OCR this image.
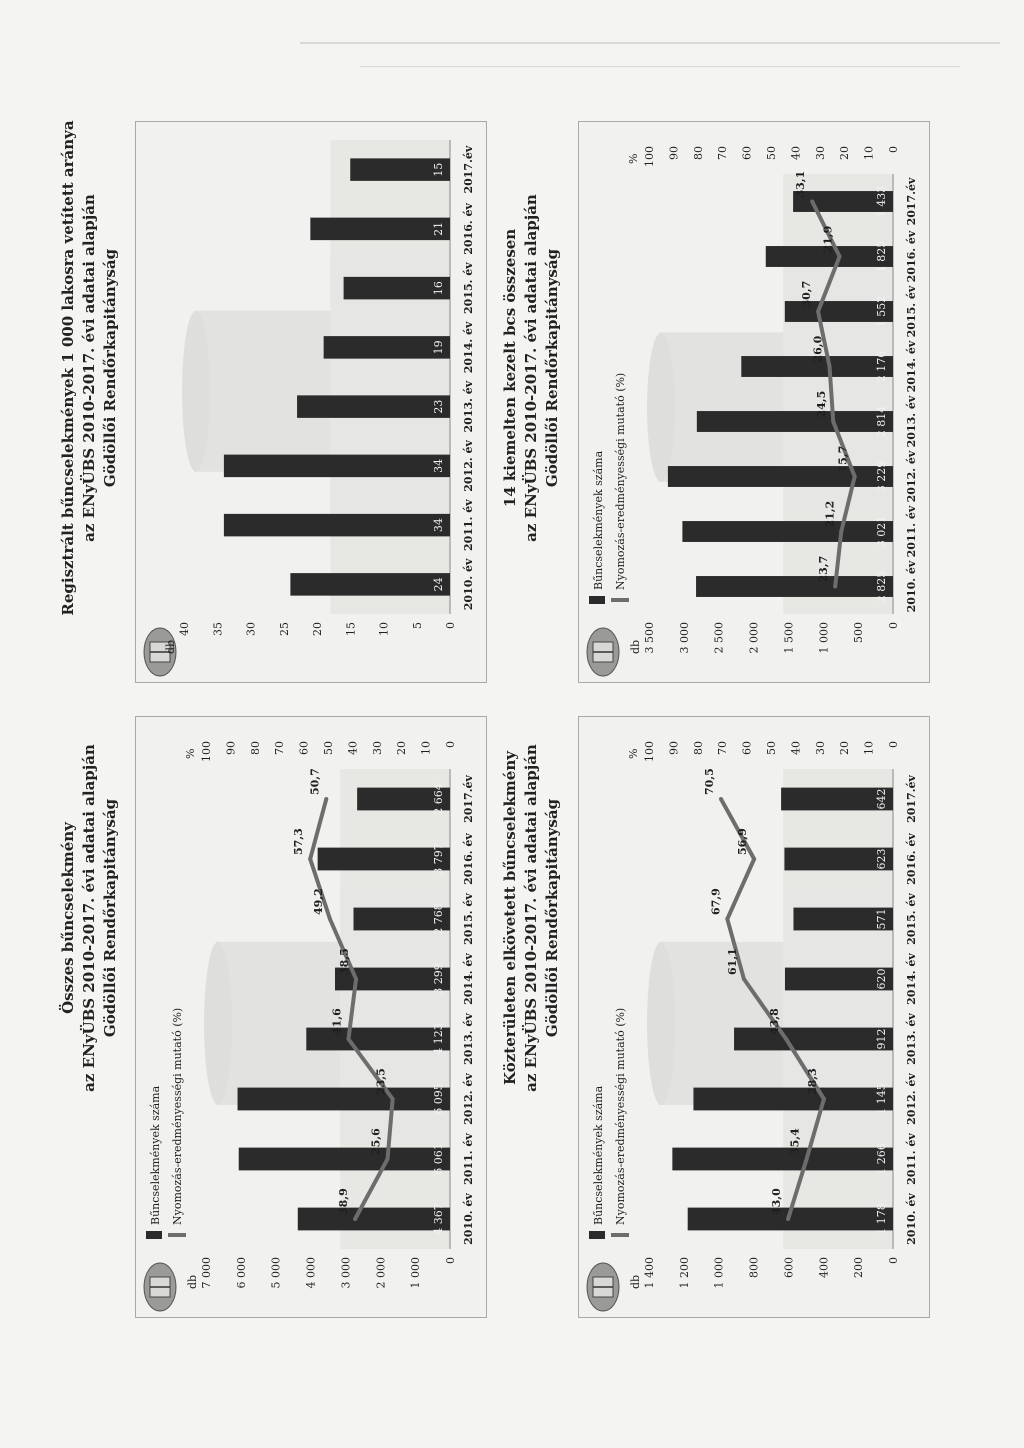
Összes bűncselekmény az ENyÜBS 2010-2017. évi adatai alapján Gödöllői Rendőrkapitányság
0
1 000
2 000
3 000
4 000
5 000
6 000
7 000
db
0
10
20
30
40
50
60
70
80
90
100
%
2010. év
2011. év
2012. év
2013. év
2014. év
2015. év
2016. év
2017.év
4 367
6 061
6 095
4 123
3 299
2 768
3 797
2 664
38,9
25,6
23,5
41,6
38,5
49,2
57,3
50,7
Bűncselekmények száma Nyomozás-eredményességi mutató (%)
Regisztrált bűncselekmények 1 000 lakosra vetített aránya az ENyÜBS 2010-2017. évi adatai alapján Gödöllői Rendőrkapitányság
0
5
10
15
20
25
30
35
40
db
2010. év
2011. év
2012. év
2013. év
2014. év
2015. év
2016. év
2017.év
24
34
34
23
19
16
21
15
Közterületen elkövetett bűncselekmény az ENyÜBS 2010-2017. évi adatai alapján Gödöllői Rendőrkapitányság
0
200
400
600
800
1 000
1 200
1 400
db
0
10
20
30
40
50
60
70
80
90
100
%
2010. év
2011. év
2012. év
2013. év
2014. év
2015. év
2016. év
2017.év
1 178
1 266
1 145
912
620
571
623
642
43,0
35,4
28,3
43,8
61,1
67,9
56,9
70,5
Bűncselekmények száma Nyomozás-eredményességi mutató (%)
14 kiemelten kezelt bcs összesen az ENyÜBS 2010-2017. évi adatai alapján Gödöllői Rendőrkapitányság
0
500
1 000
1 500
2 000
2 500
3 000
3 500
db
0
10
20
30
40
50
60
70
80
90
100
%
2010. év
2011. év
2012. év
2013. év
2014. év
2015. év
2016. év
2017.év
2 825
3 021
3 229
2 814
2 176
1 552
1 825
1 433
23,7
21,2
15,7
24,5
26,0
30,7
21,9
33,1
Bűncselekmények száma Nyomozás-eredményességi mutató (%)
